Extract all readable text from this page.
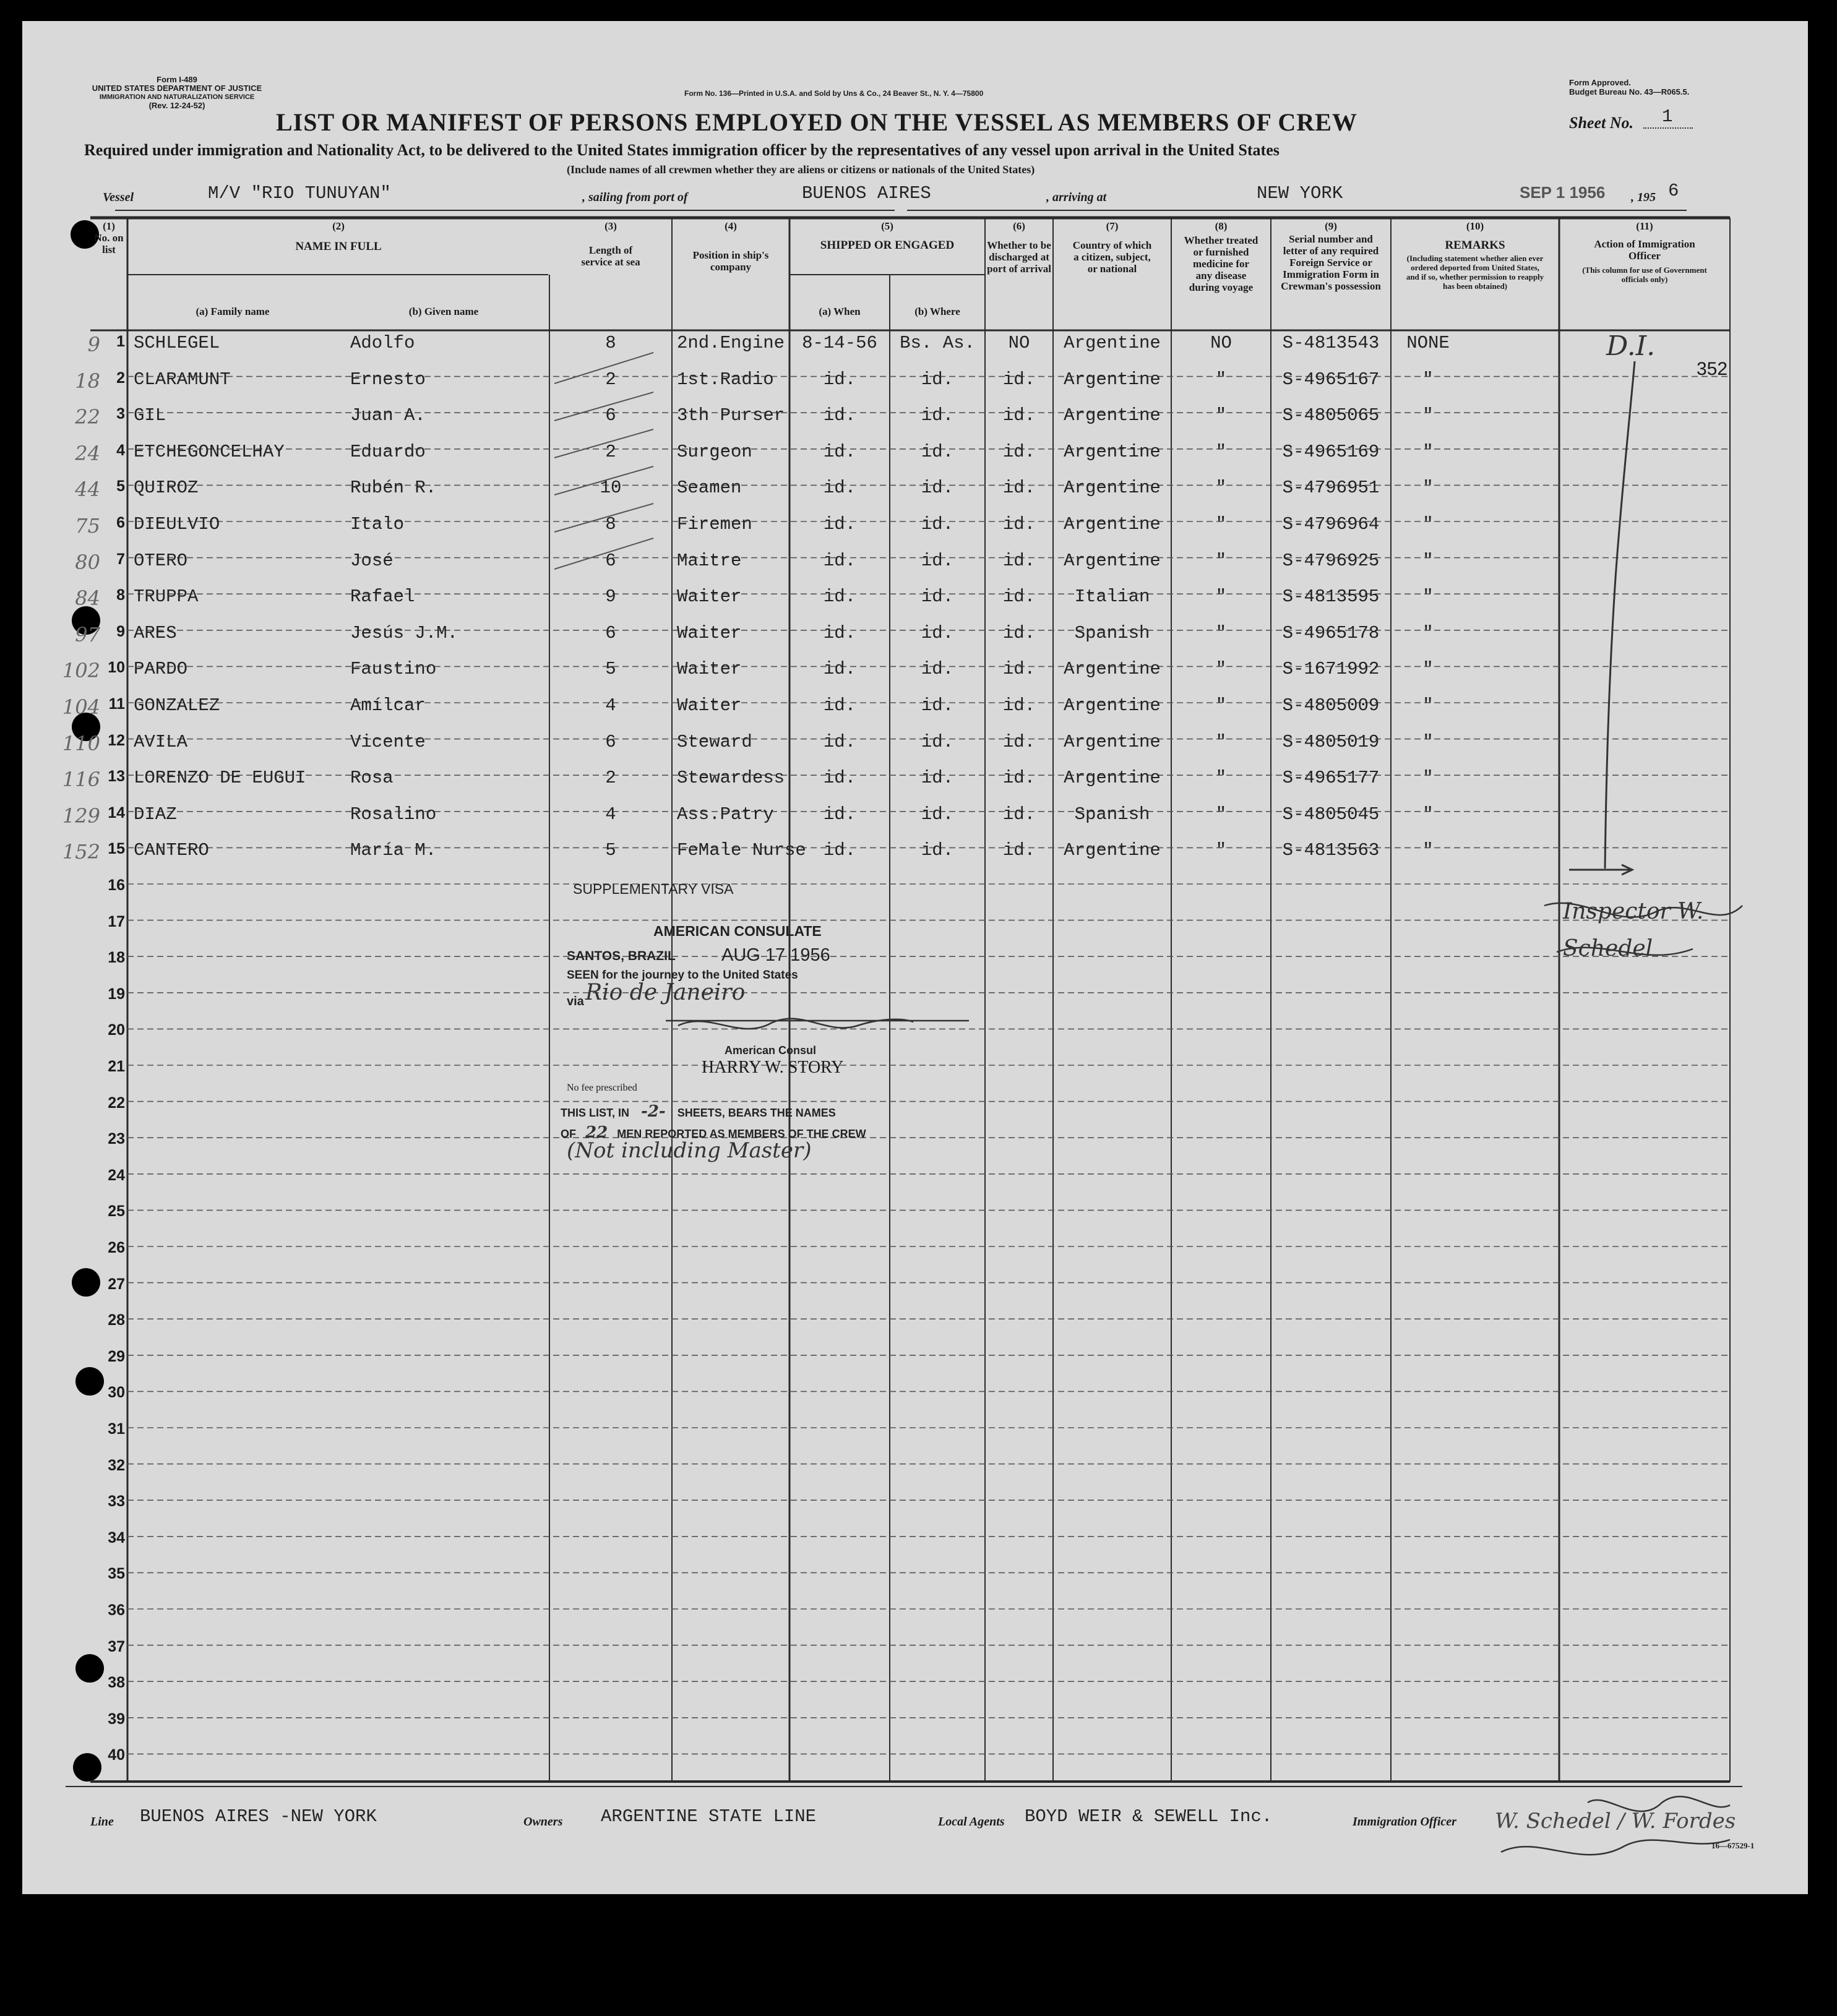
Form I-489
UNITED STATES DEPARTMENT OF JUSTICE
IMMIGRATION AND NATURALIZATION SERVICE
(Rev. 12-24-52)
Form No. 136—Printed in U.S.A. and Sold by Uns & Co., 24 Beaver St., N. Y. 4—75800
Form Approved.
Budget Bureau No. 43—R065.5.
LIST OR MANIFEST OF PERSONS EMPLOYED ON THE VESSEL AS MEMBERS OF CREW	Sheet No. 1
Required under immigration and Nationality Act, to be delivered to the United States immigration officer by the representatives of any vessel upon arrival in the United States
(Include names of all crewmen whether they are aliens or citizens or nationals of the United States)
Vessel	M/V "RIO TUNUYAN"	, sailing from port of	BUENOS AIRES	, arriving at	NEW YORK	SEP 1 1956 , 195 6
(1)
No. on list
(2)
NAME IN FULL
(a) Family name	(b) Given name
(3)
Length of service at sea
(4)
Position in ship's company
(5)
SHIPPED OR ENGAGED
(a) When	(b) Where
(6)
Whether to be discharged at port of arrival
(7)
Country of which a citizen, subject, or national
(8)
Whether treated or furnished medicine for any disease during voyage
(9)
Serial number and letter of any required Foreign Service or Immigration Form in Crewman's possession
(10)
REMARKS
(Including statement whether alien ever ordered deported from United States, and if so, whether permission to reapply has been obtained)
(11)
Action of Immigration Officer
(This column for use of Government officials only)
9	1 SCHLEGEL	Adolfo	8	2nd.Engine 8-14-56	Bs. As.	NO	Argentine	NO	S-4813543	NONE
18	2 CLARAMUNT	Ernesto	2	1st.Radio	id.	id.	id.	Argentine	"	S-4965167	"
22	3 GIL	Juan A.	6	3th Purser	id.	id.	id.	Argentine	"	S-4805065	"
24	4 ETCHEGONCELHAY	Eduardo	2	Surgeon	id.	id.	id.	Argentine	"	S-4965169	"
44	5 QUIROZ	Rubén R.	10	Seamen	id.	id.	id.	Argentine	"	S-4796951	"
75	6 DIEULVIO	Italo	8	Firemen	id.	id.	id.	Argentine	"	S-4796964	"
80	7 OTERO	José	6	Maitre	id.	id.	id.	Argentine	"	S-4796925	"
84	8 TRUPPA	Rafael	9	Waiter	id.	id.	id.	Italian	"	S-4813595	"
97	9 ARES	Jesús J.M.	6	Waiter	id.	id.	id.	Spanish	"	S-4965178	"
102 10 PARDO	Faustino	5	Waiter	id.	id.	id.	Argentine	"	S-1671992	"
104 11 GONZALEZ	Amílcar	4	Waiter	id.	id.	id.	Argentine	"	S-4805009	"
110 12 AVILA	Vicente	6	Steward	id.	id.	id.	Argentine	"	S-4805019	"
116 13 LORENZO DE EUGUI Rosa	2	Stewardess	id.	id.	id.	Argentine	"	S-4965177	"
129 14 DIAZ	Rosalino	4	Ass.Patry	id.	id.	id.	Spanish	"	S-4805045	"
152 15 CANTERO	María M.	5	FeMale Nurse id.	id.	id.	Argentine	"	S-4813563	"
16
17
18
19
20
21
22
23
24
25
26
27
28
29
30
31
32
33
34
35
36
37
38
39
40
D.I.
352
Inspector W. Schedel
SUPPLEMENTARY VISA
AMERICAN CONSULATE
SANTOS, BRAZIL	AUG 17 1956
SEEN for the journey to the United States
via Rio de Janeiro
American Consul
HARRY W. STORY
No fee prescribed
THIS LIST, IN -2- SHEETS, BEARS THE NAMES
OF 22 MEN REPORTED AS MEMBERS OF THE CREW
(Not including Master)
Line BUENOS AIRES -NEW YORK	Owners ARGENTINE STATE LINE	Local Agents BOYD WEIR & SEWELL Inc.	Immigration Officer W. Schedel / W. Fordes
16—67529-1
